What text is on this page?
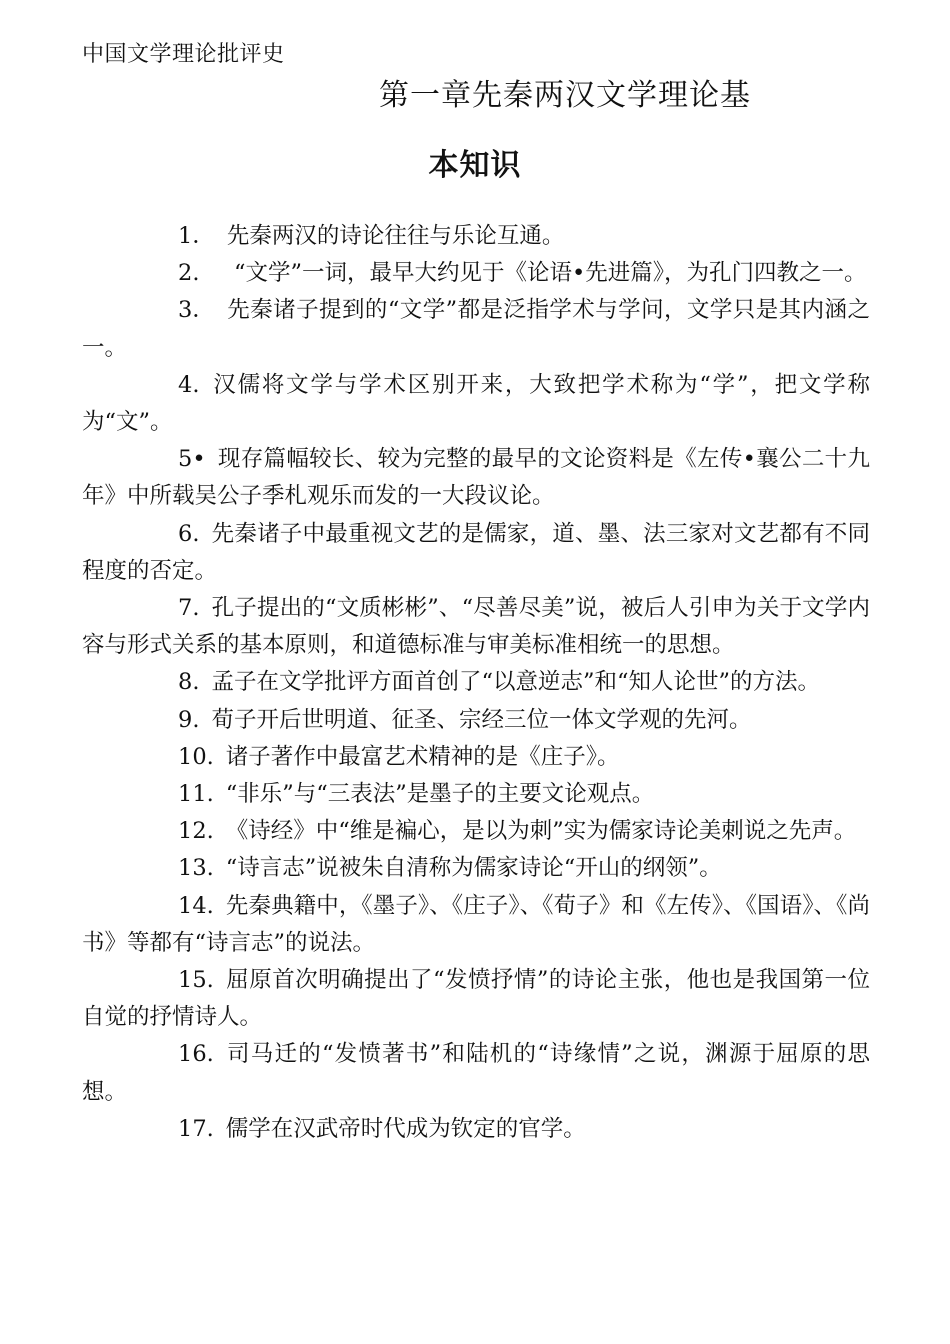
中国文学理论批评史
第一章先秦两汉文学理论基
本知识

1． 先秦两汉的诗论往往与乐论互通。

2.　“文学”一词，最早大约见于《论语•先进篇》，为孔门四教之一。

3． 先秦诸子提到的“文学”都是泛指学术与学问，文学只是其内涵之一。

4. 汉儒将文学与学术区别开来，大致把学术称为“学”，把文学称为“文”。

5• 现存篇幅较长、较为完整的最早的文论资料是《左传•襄公二十九年》中所载吴公子季札观乐而发的一大段议论。

6. 先秦诸子中最重视文艺的是儒家，道、墨、法三家对文艺都有不同程度的否定。

7. 孔子提出的“文质彬彬”、“尽善尽美”说，被后人引申为关于文学内容与形式关系的基本原则，和道德标准与审美标准相统一的思想。

8. 孟子在文学批评方面首创了“以意逆志”和“知人论世”的方法。

9. 荀子开后世明道、征圣、宗经三位一体文学观的先河。

10. 诸子著作中最富艺术精神的是《庄子》。

11. “非乐”与“三表法”是墨子的主要文论观点。

12. 《诗经》中“维是褊心，是以为刺”实为儒家诗论美刺说之先声。

13. “诗言志”说被朱自清称为儒家诗论“开山的纲领”。

14. 先秦典籍中，《墨子》、《庄子》、《荀子》和《左传》、《国语》、《尚书》等都有“诗言志”的说法。

15. 屈原首次明确提出了“发愤抒情”的诗论主张，他也是我国第一位自觉的抒情诗人。

16. 司马迁的“发愤著书”和陆机的“诗缘情”之说，渊源于屈原的思想。

17. 儒学在汉武帝时代成为钦定的官学。
